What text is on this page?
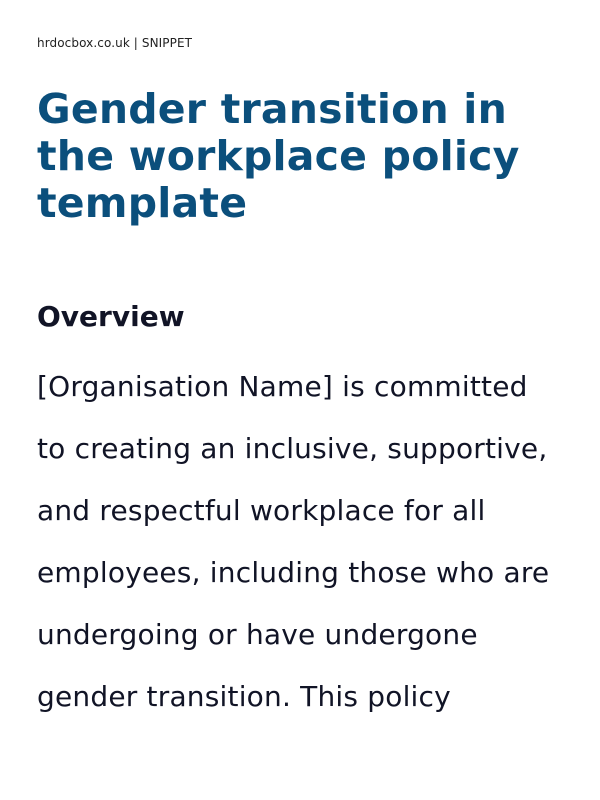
hrdocbox.co.uk | SNIPPET

Gender transition in the workplace policy template
Overview

[Organisation Name] is committed
to creating an inclusive, supportive,
and respectful workplace for all
employees, including those who are
undergoing or have undergone
gender transition. This policy
